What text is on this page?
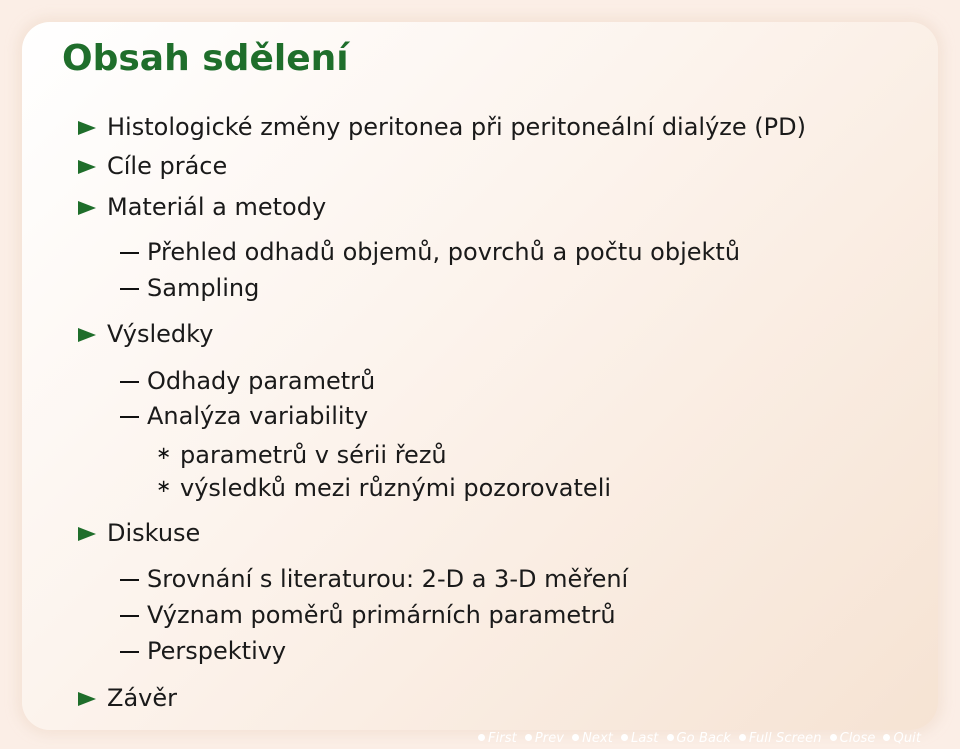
Obsah sdělení
Histologické změny peritonea při peritoneální dialýze (PD)
Cíle práce
Materiál a metody
Přehled odhadů objemů, povrchů a počtu objektů
Sampling
Výsledky
Odhady parametrů
Analýza variability
∗ parametrů v sérii řezů
∗ výsledků mezi různými pozorovateli
Diskuse
Srovnání s literaturou: 2-D a 3-D měření
Význam poměrů primárních parametrů
Perspektivy
Závěr
First Prev Next Last Go Back Full Screen Close Quit
